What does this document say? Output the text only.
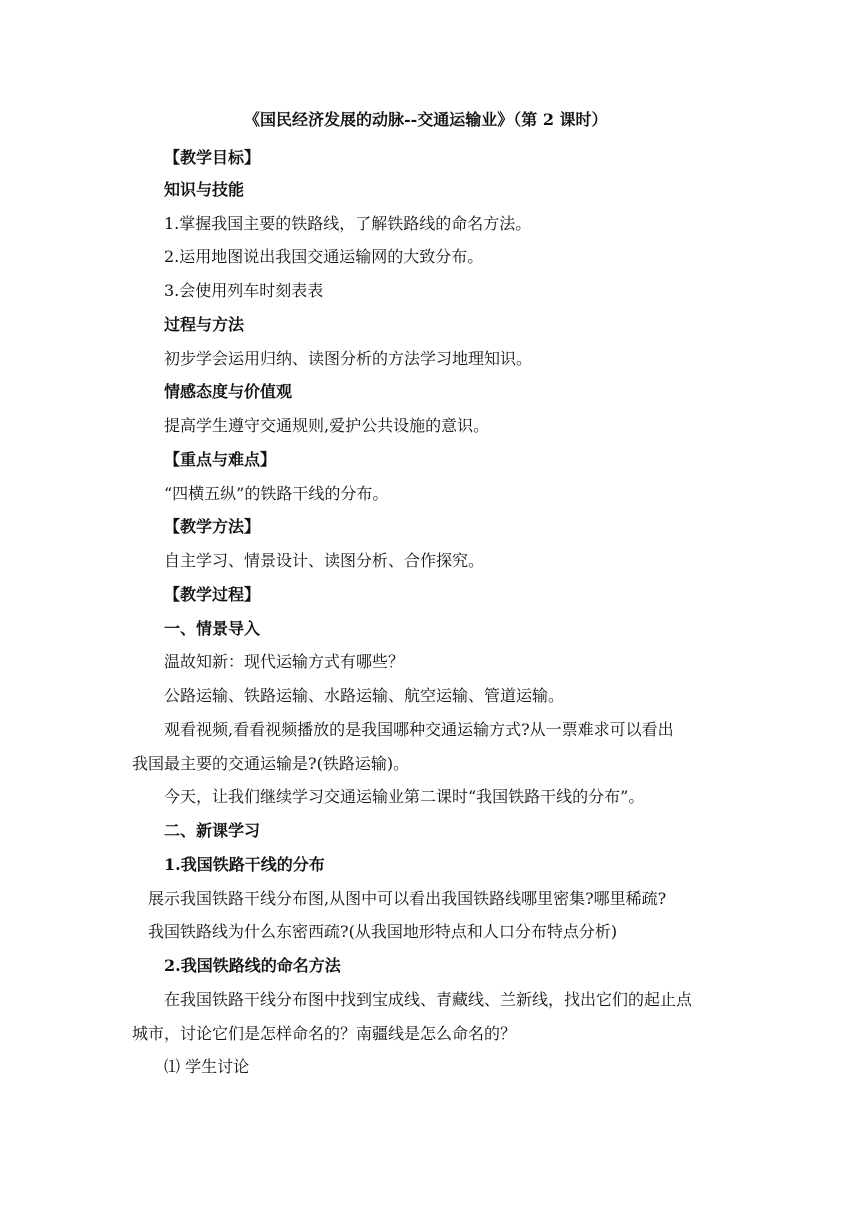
《国民经济发展的动脉--交通运输业》（第 2 课时）
【教学目标】
知识与技能
1.掌握我国主要的铁路线，了解铁路线的命名方法。
2.运用地图说出我国交通运输网的大致分布。
3.会使用列车时刻表表
过程与方法
初步学会运用归纳、读图分析的方法学习地理知识。
情感态度与价值观
提高学生遵守交通规则,爱护公共设施的意识。
【重点与难点】
“四横五纵”的铁路干线的分布。
【教学方法】
自主学习、情景设计、读图分析、合作探究。
【教学过程】
一、情景导入
温故知新：现代运输方式有哪些？
公路运输、铁路运输、水路运输、航空运输、管道运输。
观看视频,看看视频播放的是我国哪种交通运输方式?从一票难求可以看出
我国最主要的交通运输是?(铁路运输)。
今天，让我们继续学习交通运输业第二课时“我国铁路干线的分布”。
二、新课学习
1.我国铁路干线的分布
展示我国铁路干线分布图,从图中可以看出我国铁路线哪里密集?哪里稀疏?
我国铁路线为什么东密西疏?(从我国地形特点和人口分布特点分析)
2.我国铁路线的命名方法
在我国铁路干线分布图中找到宝成线、青藏线、兰新线，找出它们的起止点
城市，讨论它们是怎样命名的？南疆线是怎么命名的？
⑴ 学生讨论
